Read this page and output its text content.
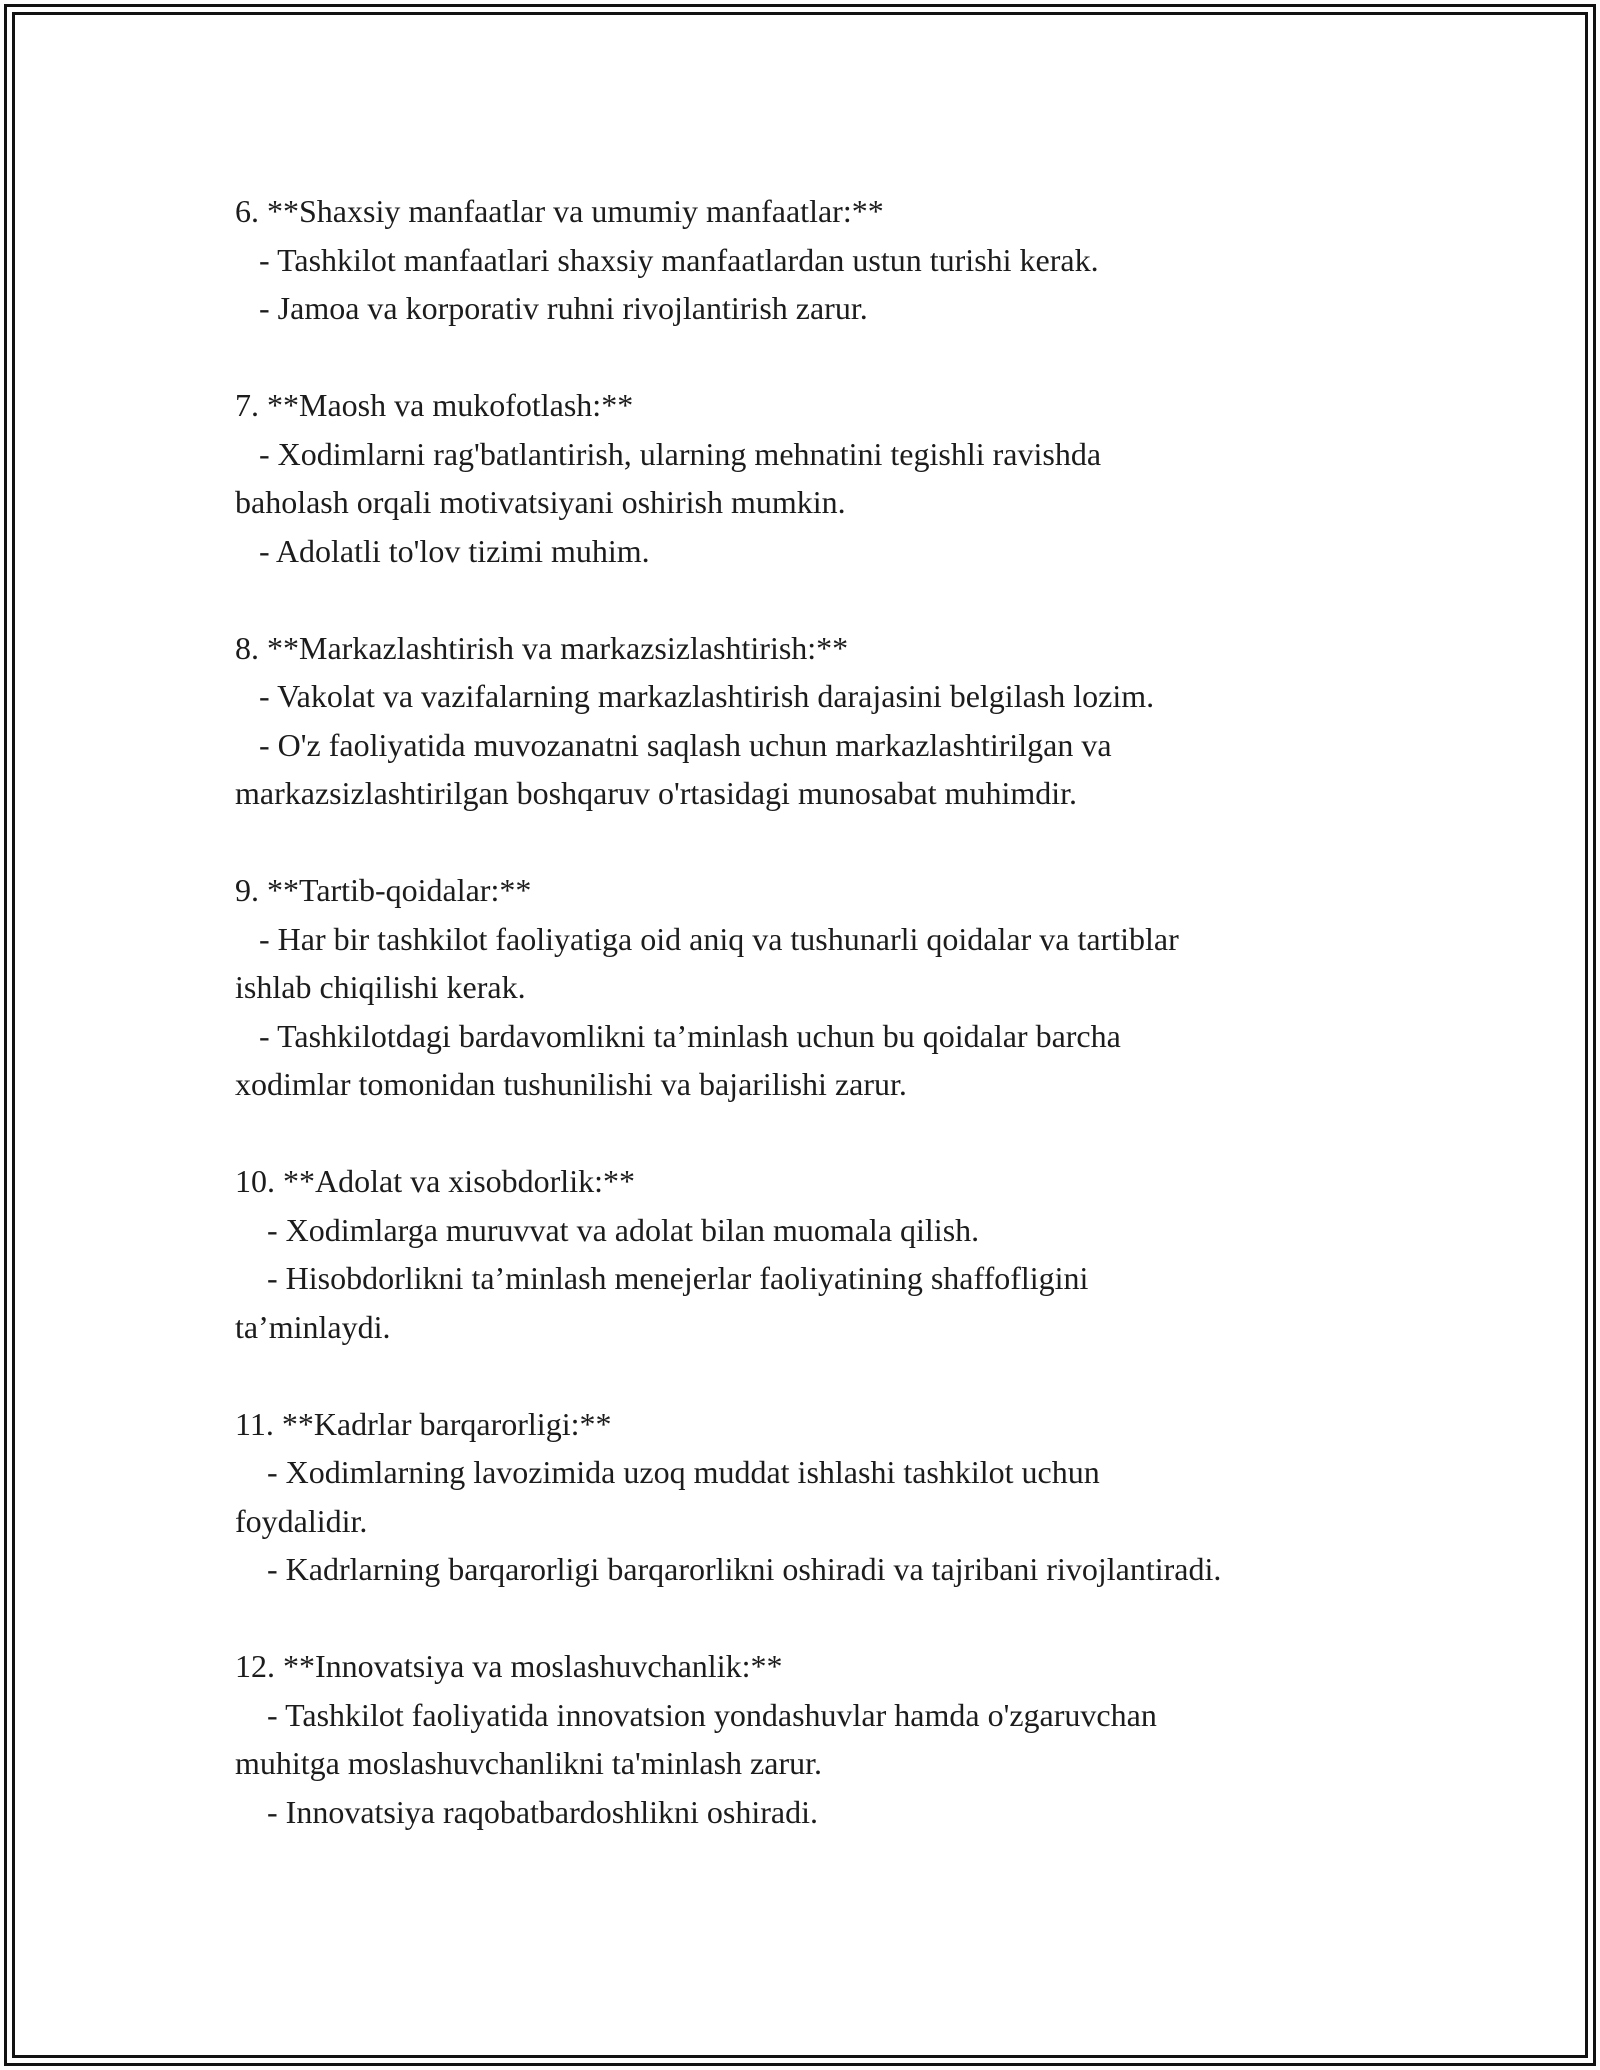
6. **Shaxsiy manfaatlar va umumiy manfaatlar:**
- Tashkilot manfaatlari shaxsiy manfaatlardan ustun turishi kerak.
- Jamoa va korporativ ruhni rivojlantirish zarur.
7. **Maosh va mukofotlash:**
- Xodimlarni rag'batlantirish, ularning mehnatini tegishli ravishda
baholash orqali motivatsiyani oshirish mumkin.
- Adolatli to'lov tizimi muhim.
8. **Markazlashtirish va markazsizlashtirish:**
- Vakolat va vazifalarning markazlashtirish darajasini belgilash lozim.
- O'z faoliyatida muvozanatni saqlash uchun markazlashtirilgan va
markazsizlashtirilgan boshqaruv o'rtasidagi munosabat muhimdir.
9. **Tartib-qoidalar:**
- Har bir tashkilot faoliyatiga oid aniq va tushunarli qoidalar va tartiblar
ishlab chiqilishi kerak.
- Tashkilotdagi bardavomlikni ta’minlash uchun bu qoidalar barcha
xodimlar tomonidan tushunilishi va bajarilishi zarur.
10. **Adolat va xisobdorlik:**
- Xodimlarga muruvvat va adolat bilan muomala qilish.
- Hisobdorlikni ta’minlash menejerlar faoliyatining shaffofligini
ta’minlaydi.
11. **Kadrlar barqarorligi:**
- Xodimlarning lavozimida uzoq muddat ishlashi tashkilot uchun
foydalidir.
- Kadrlarning barqarorligi barqarorlikni oshiradi va tajribani rivojlantiradi.
12. **Innovatsiya va moslashuvchanlik:**
- Tashkilot faoliyatida innovatsion yondashuvlar hamda o'zgaruvchan
muhitga moslashuvchanlikni ta'minlash zarur.
- Innovatsiya raqobatbardoshlikni oshiradi.
